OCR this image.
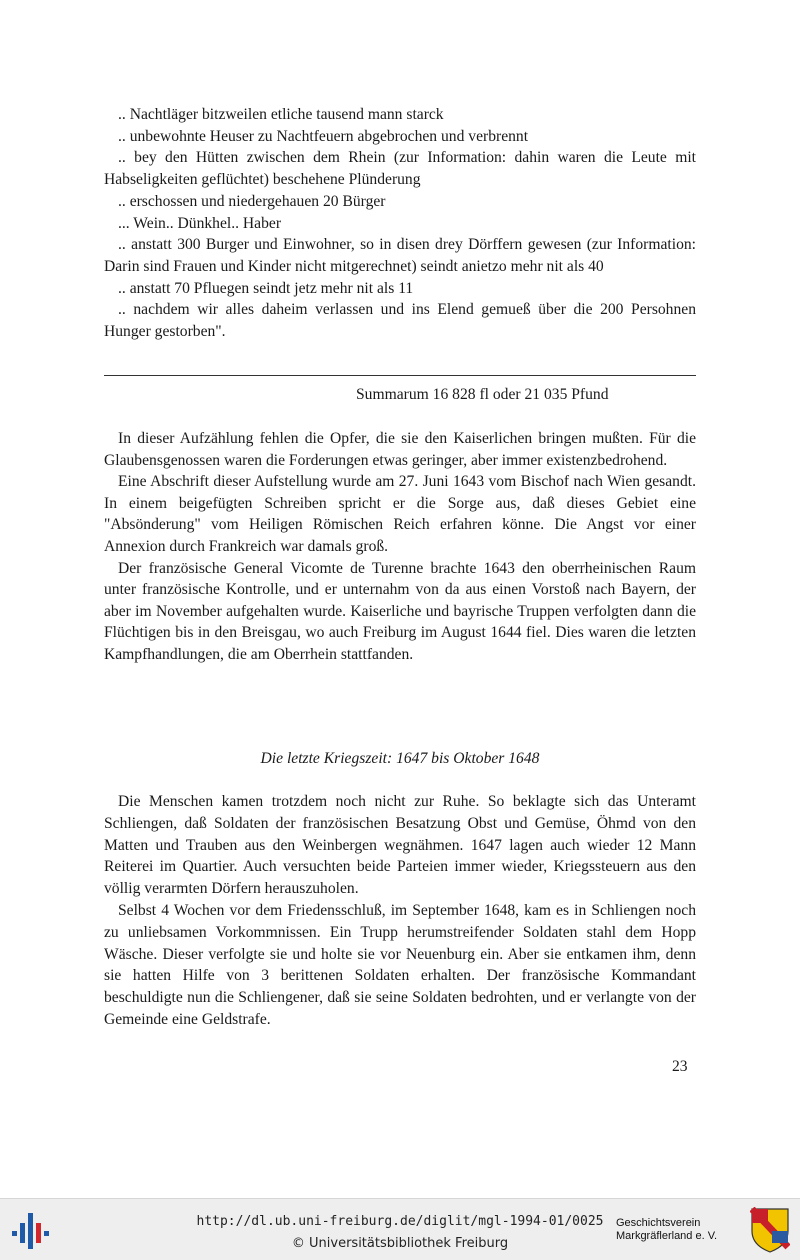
.. Nachtläger bitzweilen etliche tausend mann starck

.. unbewohnte Heuser zu Nachtfeuern abgebrochen und verbrennt

.. bey den Hütten zwischen dem Rhein (zur Information: dahin waren die Leute mit Habseligkeiten geflüchtet) beschehene Plünderung

.. erschossen und niedergehauen 20 Bürger

... Wein.. Dünkhel.. Haber

.. anstatt 300 Burger und Einwohner, so in disen drey Dörffern gewesen (zur Information: Darin sind Frauen und Kinder nicht mitgerechnet) seindt anietzo mehr nit als 40

.. anstatt 70 Pfluegen seindt jetz mehr nit als 11

.. nachdem wir alles daheim verlassen und ins Elend gemueß über die 200 Persohnen Hunger gestorben".

Summarum 16 828 fl oder 21 035 Pfund

In dieser Aufzählung fehlen die Opfer, die sie den Kaiserlichen bringen mußten. Für die Glaubensgenossen waren die Forderungen etwas geringer, aber immer existenzbedrohend.

Eine Abschrift dieser Aufstellung wurde am 27. Juni 1643 vom Bischof nach Wien gesandt. In einem beigefügten Schreiben spricht er die Sorge aus, daß dieses Gebiet eine "Absönderung" vom Heiligen Römischen Reich erfahren könne. Die Angst vor einer Annexion durch Frankreich war damals groß.

Der französische General Vicomte de Turenne brachte 1643 den oberrheinischen Raum unter französische Kontrolle, und er unternahm von da aus einen Vorstoß nach Bayern, der aber im November aufgehalten wurde. Kaiserliche und bayrische Truppen verfolgten dann die Flüchtigen bis in den Breisgau, wo auch Freiburg im August 1644 fiel. Dies waren die letzten Kampfhandlungen, die am Oberrhein stattfanden.

Die letzte Kriegszeit: 1647 bis Oktober 1648

Die Menschen kamen trotzdem noch nicht zur Ruhe. So beklagte sich das Unteramt Schliengen, daß Soldaten der französischen Besatzung Obst und Gemüse, Öhmd von den Matten und Trauben aus den Weinbergen wegnähmen. 1647 lagen auch wieder 12 Mann Reiterei im Quartier. Auch versuchten beide Parteien immer wieder, Kriegssteuern aus den völlig verarmten Dörfern herauszuholen.

Selbst 4 Wochen vor dem Friedensschluß, im September 1648, kam es in Schliengen noch zu unliebsamen Vorkommnissen. Ein Trupp herumstreifender Soldaten stahl dem Hopp Wäsche. Dieser verfolgte sie und holte sie vor Neuenburg ein. Aber sie entkamen ihm, denn sie hatten Hilfe von 3 berittenen Soldaten erhalten. Der französische Kommandant beschuldigte nun die Schliengener, daß sie seine Soldaten bedrohten, und er verlangte von der Gemeinde eine Geldstrafe.

23
http://dl.ub.uni-freiburg.de/diglit/mgl-1994-01/0025
© Universitätsbibliothek Freiburg
Geschichtsverein
Markgräflerland e. V.
